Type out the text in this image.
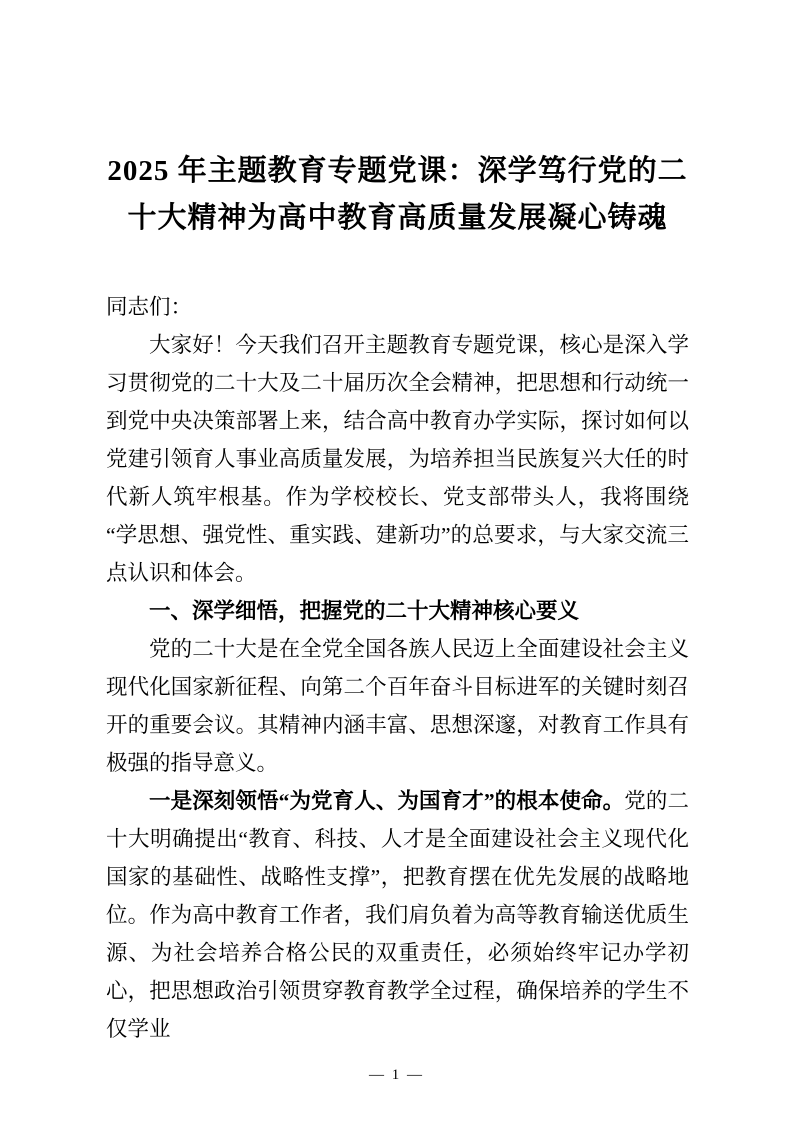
2025 年主题教育专题党课：深学笃行党的二十大精神为高中教育高质量发展凝心铸魂

同志们：

大家好！今天我们召开主题教育专题党课，核心是深入学习贯彻党的二十大及二十届历次全会精神，把思想和行动统一到党中央决策部署上来，结合高中教育办学实际，探讨如何以党建引领育人事业高质量发展，为培养担当民族复兴大任的时代新人筑牢根基。作为学校校长、党支部带头人，我将围绕“学思想、强党性、重实践、建新功”的总要求，与大家交流三点认识和体会。

一、深学细悟，把握党的二十大精神核心要义

党的二十大是在全党全国各族人民迈上全面建设社会主义现代化国家新征程、向第二个百年奋斗目标进军的关键时刻召开的重要会议。其精神内涵丰富、思想深邃，对教育工作具有极强的指导意义。

一是深刻领悟“为党育人、为国育才”的根本使命。党的二十大明确提出“教育、科技、人才是全面建设社会主义现代化国家的基础性、战略性支撑”，把教育摆在优先发展的战略地位。作为高中教育工作者，我们肩负着为高等教育输送优质生源、为社会培养合格公民的双重责任，必须始终牢记办学初心，把思想政治引领贯穿教育教学全过程，确保培养的学生不仅学业

— 1 —
